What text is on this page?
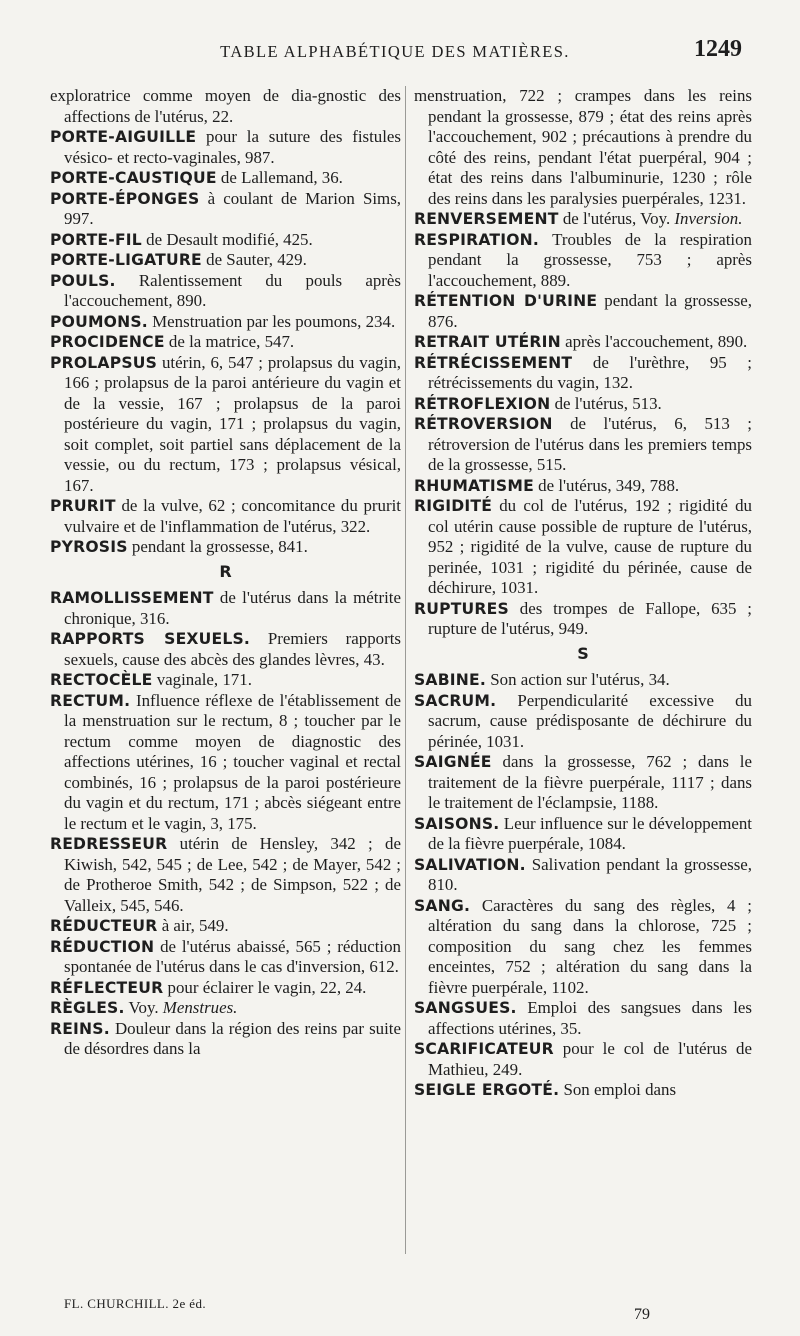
TABLE ALPHABÉTIQUE DES MATIÈRES.	1249

exploratrice comme moyen de dia-gnostic des affections de l'utérus, 22.

PORTE-AIGUILLE pour la suture des fistules vésico- et recto-vaginales, 987.

PORTE-CAUSTIQUE de Lallemand, 36.

PORTE-ÉPONGES à coulant de Marion Sims, 997.

PORTE-FIL de Desault modifié, 425.

PORTE-LIGATURE de Sauter, 429.

POULS. Ralentissement du pouls après l'accouchement, 890.

POUMONS. Menstruation par les poumons, 234.

PROCIDENCE de la matrice, 547.

PROLAPSUS utérin, 6, 547 ; prolapsus du vagin, 166 ; prolapsus de la paroi antérieure du vagin et de la vessie, 167 ; prolapsus de la paroi postérieure du vagin, 171 ; prolapsus du vagin, soit complet, soit partiel sans déplacement de la vessie, ou du rectum, 173 ; prolapsus vésical, 167.

PRURIT de la vulve, 62 ; concomitance du prurit vulvaire et de l'inflammation de l'utérus, 322.

PYROSIS pendant la grossesse, 841.

R

RAMOLLISSEMENT de l'utérus dans la métrite chronique, 316.

RAPPORTS SEXUELS. Premiers rapports sexuels, cause des abcès des glandes lèvres, 43.

RECTOCÈLE vaginale, 171.

RECTUM. Influence réflexe de l'établissement de la menstruation sur le rectum, 8 ; toucher par le rectum comme moyen de diagnostic des affections utérines, 16 ; toucher vaginal et rectal combinés, 16 ; prolapsus de la paroi postérieure du vagin et du rectum, 171 ; abcès siégeant entre le rectum et le vagin, 3, 175.

REDRESSEUR utérin de Hensley, 342 ; de Kiwish, 542, 545 ; de Lee, 542 ; de Mayer, 542 ; de Protheroe Smith, 542 ; de Simpson, 522 ; de Valleix, 545, 546.

RÉDUCTEUR à air, 549.

RÉDUCTION de l'utérus abaissé, 565 ; réduction spontanée de l'utérus dans le cas d'inversion, 612.

RÉFLECTEUR pour éclairer le vagin, 22, 24.

RÈGLES. Voy. Menstrues.

REINS. Douleur dans la région des reins par suite de désordres dans la

menstruation, 722 ; crampes dans les reins pendant la grossesse, 879 ; état des reins après l'accouchement, 902 ; précautions à prendre du côté des reins, pendant l'état puerpéral, 904 ; état des reins dans l'albuminurie, 1230 ; rôle des reins dans les paralysies puerpérales, 1231.

RENVERSEMENT de l'utérus, Voy. Inversion.

RESPIRATION. Troubles de la respiration pendant la grossesse, 753 ; après l'accouchement, 889.

RÉTENTION D'URINE pendant la grossesse, 876.

RETRAIT UTÉRIN après l'accouchement, 890.

RÉTRÉCISSEMENT de l'urèthre, 95 ; rétrécissements du vagin, 132.

RÉTROFLEXION de l'utérus, 513.

RÉTROVERSION de l'utérus, 6, 513 ; rétroversion de l'utérus dans les premiers temps de la grossesse, 515.

RHUMATISME de l'utérus, 349, 788.

RIGIDITÉ du col de l'utérus, 192 ; rigidité du col utérin cause possible de rupture de l'utérus, 952 ; rigidité de la vulve, cause de rupture du perinée, 1031 ; rigidité du périnée, cause de déchirure, 1031.

RUPTURES des trompes de Fallope, 635 ; rupture de l'utérus, 949.

S

SABINE. Son action sur l'utérus, 34.

SACRUM. Perpendicularité excessive du sacrum, cause prédisposante de déchirure du périnée, 1031.

SAIGNÉE dans la grossesse, 762 ; dans le traitement de la fièvre puerpérale, 1117 ; dans le traitement de l'éclampsie, 1188.

SAISONS. Leur influence sur le développement de la fièvre puerpérale, 1084.

SALIVATION. Salivation pendant la grossesse, 810.

SANG. Caractères du sang des règles, 4 ; altération du sang dans la chlorose, 725 ; composition du sang chez les femmes enceintes, 752 ; altération du sang dans la fièvre puerpérale, 1102.

SANGSUES. Emploi des sangsues dans les affections utérines, 35.

SCARIFICATEUR pour le col de l'utérus de Mathieu, 249.

SEIGLE ERGOTÉ. Son emploi dans

FL. CHURCHILL. 2e éd.
79
